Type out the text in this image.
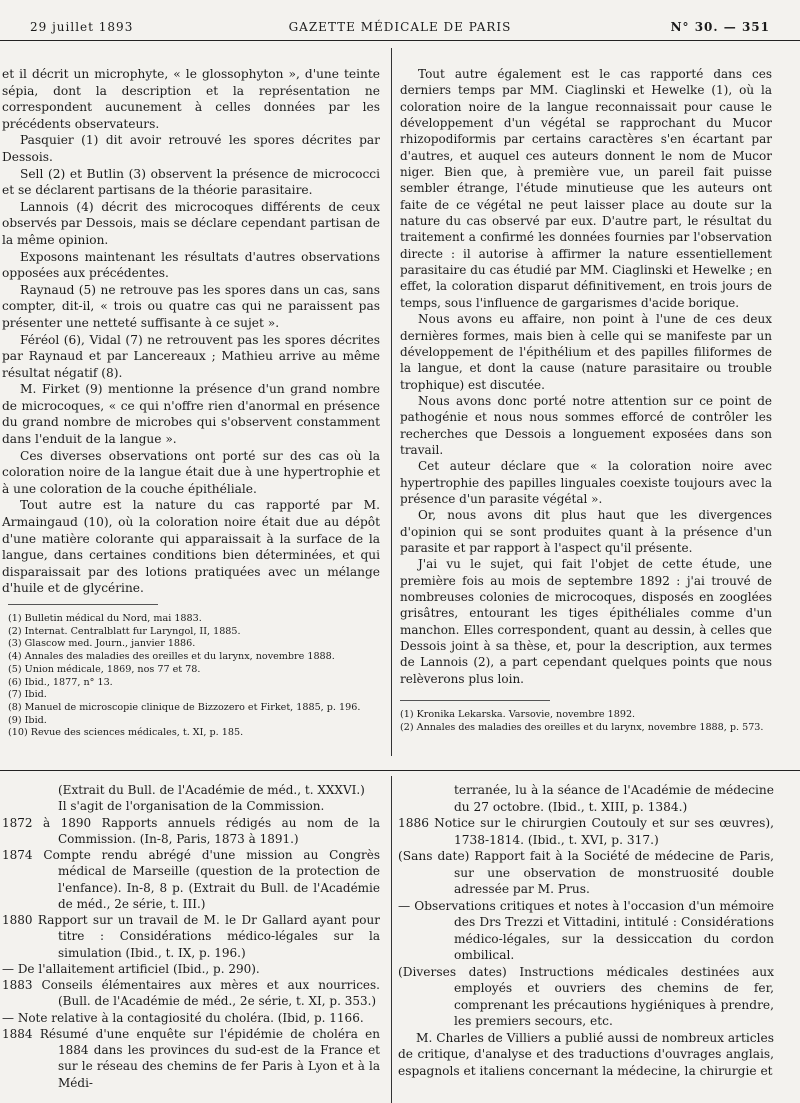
29 juillet 1893	GAZETTE MÉDICALE DE PARIS	N° 30. — 351

et il décrit un microphyte, « le glossophyton », d'une teinte sépia, dont la description et la représentation ne correspondent aucunement à celles données par les précédents observateurs.

Pasquier (1) dit avoir retrouvé les spores décrites par Dessois.

Sell (2) et Butlin (3) observent la présence de micrococci et se déclarent partisans de la théorie parasitaire.

Lannois (4) décrit des microcoques différents de ceux observés par Dessois, mais se déclare cependant partisan de la même opinion.

Exposons maintenant les résultats d'autres observations opposées aux précédentes.

Raynaud (5) ne retrouve pas les spores dans un cas, sans compter, dit-il, « trois ou quatre cas qui ne paraissent pas présenter une netteté suffisante à ce sujet ».

Féréol (6), Vidal (7) ne retrouvent pas les spores décrites par Raynaud et par Lancereaux ; Mathieu arrive au même résultat négatif (8).

M. Firket (9) mentionne la présence d'un grand nombre de microcoques, « ce qui n'offre rien d'anormal en présence du grand nombre de microbes qui s'observent constamment dans l'enduit de la langue ».

Ces diverses observations ont porté sur des cas où la coloration noire de la langue était due à une hypertrophie et à une coloration de la couche épithéliale.

Tout autre est la nature du cas rapporté par M. Armaingaud (10), où la coloration noire était due au dépôt d'une matière colorante qui apparaissait à la surface de la langue, dans certaines conditions bien déterminées, et qui disparaissait par des lotions pratiquées avec un mélange d'huile et de glycérine.

(1) Bulletin médical du Nord, mai 1883.
(2) Internat. Centralblatt fur Laryngol, II, 1885.
(3) Glascow med. Journ., janvier 1886.
(4) Annales des maladies des oreilles et du larynx, novembre 1888.
(5) Union médicale, 1869, nos 77 et 78.
(6) Ibid., 1877, n° 13.
(7) Ibid.
(8) Manuel de microscopie clinique de Bizzozero et Firket, 1885, p. 196.
(9) Ibid.
(10) Revue des sciences médicales, t. XI, p. 185.

Tout autre également est le cas rapporté dans ces derniers temps par MM. Ciaglinski et Hewelke (1), où la coloration noire de la langue reconnaissait pour cause le développement d'un végétal se rapprochant du Mucor rhizopodiformis par certains caractères s'en écartant par d'autres, et auquel ces auteurs donnent le nom de Mucor niger. Bien que, à première vue, un pareil fait puisse sembler étrange, l'étude minutieuse que les auteurs ont faite de ce végétal ne peut laisser place au doute sur la nature du cas observé par eux. D'autre part, le résultat du traitement a confirmé les données fournies par l'observation directe : il autorise à affirmer la nature essentiellement parasitaire du cas étudié par MM. Ciaglinski et Hewelke ; en effet, la coloration disparut définitivement, en trois jours de temps, sous l'influence de gargarismes d'acide borique.

Nous avons eu affaire, non point à l'une de ces deux dernières formes, mais bien à celle qui se manifeste par un développement de l'épithélium et des papilles filiformes de la langue, et dont la cause (nature parasitaire ou trouble trophique) est discutée.

Nous avons donc porté notre attention sur ce point de pathogénie et nous nous sommes efforcé de contrôler les recherches que Dessois a longuement exposées dans son travail.

Cet auteur déclare que « la coloration noire avec hypertrophie des papilles linguales coexiste toujours avec la présence d'un parasite végétal ».

Or, nous avons dit plus haut que les divergences d'opinion qui se sont produites quant à la présence d'un parasite et par rapport à l'aspect qu'il présente.

J'ai vu le sujet, qui fait l'objet de cette étude, une première fois au mois de septembre 1892 : j'ai trouvé de nombreuses colonies de microcoques, disposés en zooglées grisâtres, entourant les tiges épithéliales comme d'un manchon. Elles correspondent, quant au dessin, à celles que Dessois joint à sa thèse, et, pour la description, aux termes de Lannois (2), a part cependant quelques points que nous relèverons plus loin.

(1) Kronika Lekarska. Varsovie, novembre 1892.
(2) Annales des maladies des oreilles et du larynx, novembre 1888, p. 573.
(Extrait du Bull. de l'Académie de méd., t. XXXVI.)
Il s'agit de l'organisation de la Commission.
1872 à 1890 Rapports annuels rédigés au nom de la Commission. (In-8, Paris, 1873 à 1891.)
1874 Compte rendu abrégé d'une mission au Congrès médical de Marseille (question de la protection de l'enfance). In-8, 8 p. (Extrait du Bull. de l'Académie de méd., 2e série, t. III.)
1880 Rapport sur un travail de M. le Dr Gallard ayant pour titre : Considérations médico-légales sur la simulation (Ibid., t. IX, p. 196.)
— De l'allaitement artificiel (Ibid., p. 290).
1883 Conseils élémentaires aux mères et aux nourrices. (Bull. de l'Académie de méd., 2e série, t. XI, p. 353.)
— Note relative à la contagiosité du choléra. (Ibid, p. 1166.
1884 Résumé d'une enquête sur l'épidémie de choléra en 1884 dans les provinces du sud-est de la France et sur le réseau des chemins de fer Paris à Lyon et à la Médi-
terranée, lu à la séance de l'Académie de médecine du 27 octobre. (Ibid., t. XIII, p. 1384.)
1886 Notice sur le chirurgien Coutouly et sur ses œuvres), 1738-1814. (Ibid., t. XVI, p. 317.)
(Sans date) Rapport fait à la Société de médecine de Paris, sur une observation de monstruosité double adressée par M. Prus.
— Observations critiques et notes à l'occasion d'un mémoire des Drs Trezzi et Vittadini, intitulé : Considérations médico-légales, sur la dessiccation du cordon ombilical.
(Diverses dates) Instructions médicales destinées aux employés et ouvriers des chemins de fer, comprenant les précautions hygiéniques à prendre, les premiers secours, etc.
M. Charles de Villiers a publié aussi de nombreux articles de critique, d'analyse et des traductions d'ouvrages anglais, espagnols et italiens concernant la médecine, la chirurgie et
